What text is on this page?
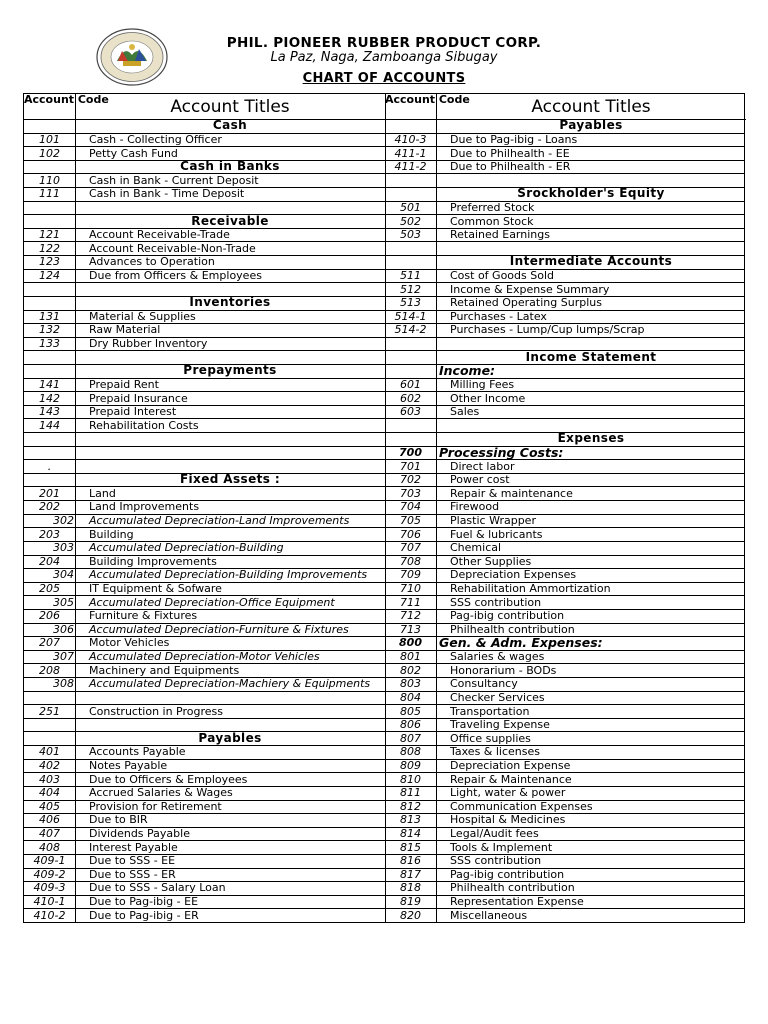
PHIL. PIONEER RUBBER PRODUCT CORP.
La Paz, Naga, Zamboanga Sibugay
CHART OF ACCOUNTS
Account Code	Account Titles	Account Code	Account Titles
Cash
101	Cash - Collecting Officer
102	Petty Cash Fund
Cash in Banks
110	Cash in Bank - Current Deposit
111	Cash in Bank - Time Deposit
Receivable
121	Account Receivable-Trade
122	Account Receivable-Non-Trade
123	Advances to Operation
124	Due from Officers & Employees
Inventories
131	Material & Supplies
132	Raw Material
133	Dry Rubber Inventory
Prepayments
141	Prepaid Rent
142	Prepaid Insurance
143	Prepaid Interest
144	Rehabilitation Costs
.
Fixed Assets :
201	Land
202	Land Improvements
302	Accumulated Depreciation-Land Improvements
203	Building
303	Accumulated Depreciation-Building
204	Building Improvements
304	Accumulated Depreciation-Building Improvements
205	IT Equipment & Sofware
305	Accumulated Depreciation-Office Equipment
206	Furniture & Fixtures
306	Accumulated Depreciation-Furniture & Fixtures
207	Motor Vehicles
307	Accumulated Depreciation-Motor Vehicles
208	Machinery and Equipments
308	Accumulated Depreciation-Machiery & Equipments
251	Construction in Progress
Payables
401	Accounts Payable
402	Notes Payable
403	Due to Officers & Employees
404	Accrued Salaries & Wages
405	Provision for Retirement
406	Due to BIR
407	Dividends Payable
408	Interest Payable
409-1	Due to SSS - EE
409-2	Due to SSS - ER
409-3	Due to SSS - Salary Loan
410-1	Due to Pag-ibig - EE
410-2	Due to Pag-ibig - ER
Payables
410-3	Due to Pag-ibig - Loans
411-1	Due to Philhealth - EE
411-2	Due to Philhealth - ER
Srockholder's Equity
501	Preferred Stock
502	Common Stock
503	Retained Earnings
Intermediate Accounts
511	Cost of Goods Sold
512	Income & Expense Summary
513	Retained Operating Surplus
514-1	Purchases - Latex
514-2	Purchases - Lump/Cup lumps/Scrap
Income Statement
Income:
601	Milling Fees
602	Other Income
603	Sales
Expenses
700	Processing Costs:
701	Direct labor
702	Power cost
703	Repair & maintenance
704	Firewood
705	Plastic Wrapper
706	Fuel & lubricants
707	Chemical
708	Other Supplies
709	Depreciation Expenses
710	Rehabilitation Ammortization
711	SSS contribution
712	Pag-ibig contribution
713	Philhealth contribution
800	Gen. & Adm. Expenses:
801	Salaries & wages
802	Honorarium - BODs
803	Consultancy
804	Checker Services
805	Transportation
806	Traveling Expense
807	Office supplies
808	Taxes & licenses
809	Depreciation Expense
810	Repair & Maintenance
811	Light, water & power
812	Communication Expenses
813	Hospital & Medicines
814	Legal/Audit fees
815	Tools & Implement
816	SSS contribution
817	Pag-ibig contribution
818	Philhealth contribution
819	Representation Expense
820	Miscellaneous
